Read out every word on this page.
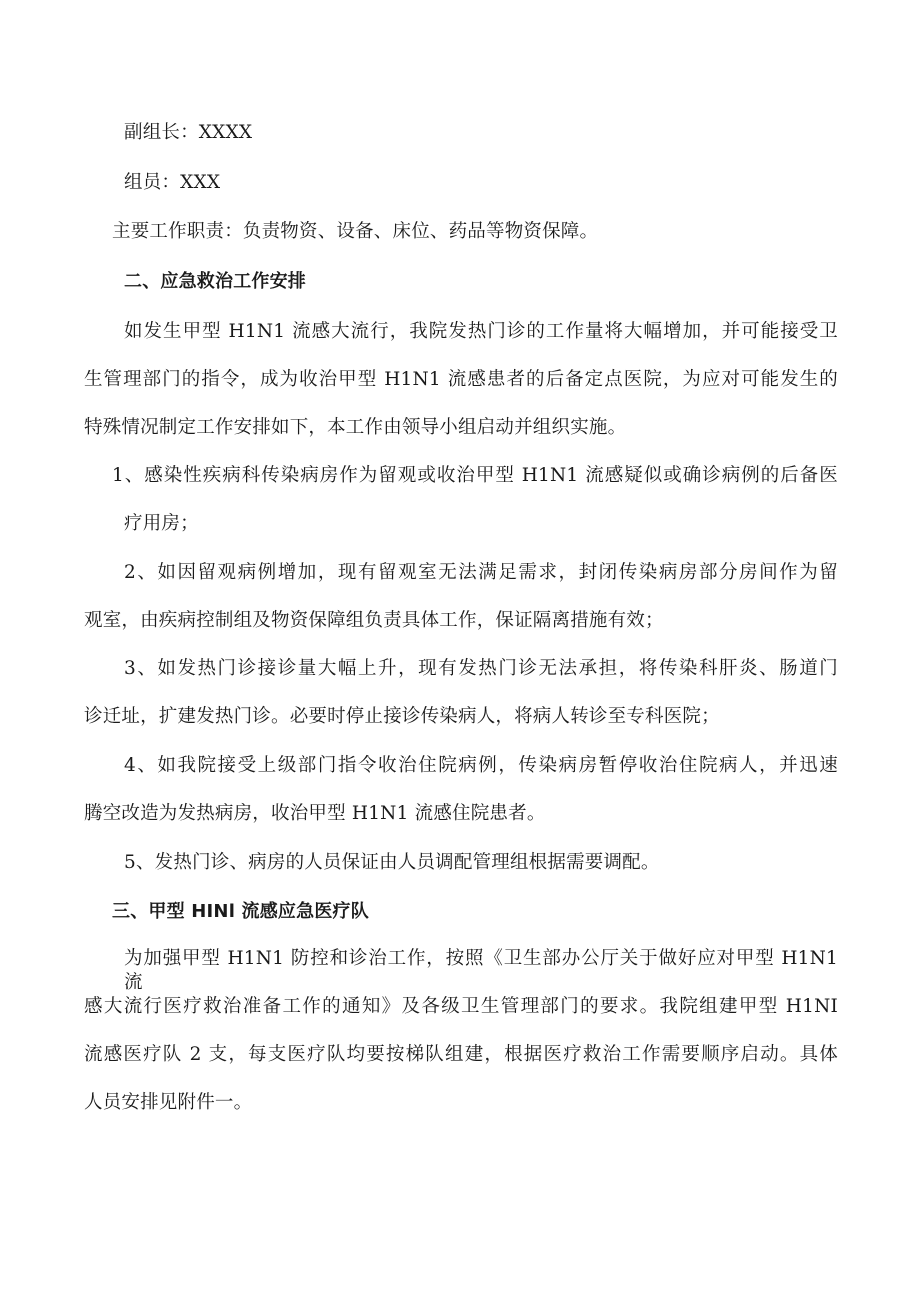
副组长：XXXX
组员：XXX
主要工作职责：负责物资、设备、床位、药品等物资保障。
二、应急救治工作安排
如发生甲型 H1N1 流感大流行，我院发热门诊的工作量将大幅增加，并可能接受卫
生管理部门的指令，成为收治甲型 H1N1 流感患者的后备定点医院，为应对可能发生的
特殊情况制定工作安排如下，本工作由领导小组启动并组织实施。
1、感染性疾病科传染病房作为留观或收治甲型 H1N1 流感疑似或确诊病例的后备医
疗用房；
2、如因留观病例增加，现有留观室无法满足需求，封闭传染病房部分房间作为留
观室，由疾病控制组及物资保障组负责具体工作，保证隔离措施有效；
3、如发热门诊接诊量大幅上升，现有发热门诊无法承担，将传染科肝炎、肠道门
诊迁址，扩建发热门诊。必要时停止接诊传染病人，将病人转诊至专科医院；
4、如我院接受上级部门指令收治住院病例，传染病房暂停收治住院病人，并迅速
腾空改造为发热病房，收治甲型 H1N1 流感住院患者。
5、发热门诊、病房的人员保证由人员调配管理组根据需要调配。
三、甲型 HINl 流感应急医疗队
为加强甲型 H1N1 防控和诊治工作，按照《卫生部办公厅关于做好应对甲型 H1N1 流
感大流行医疗救治准备工作的通知》及各级卫生管理部门的要求。我院组建甲型 H1NI
流感医疗队 2 支，每支医疗队均要按梯队组建，根据医疗救治工作需要顺序启动。具体
人员安排见附件一。
